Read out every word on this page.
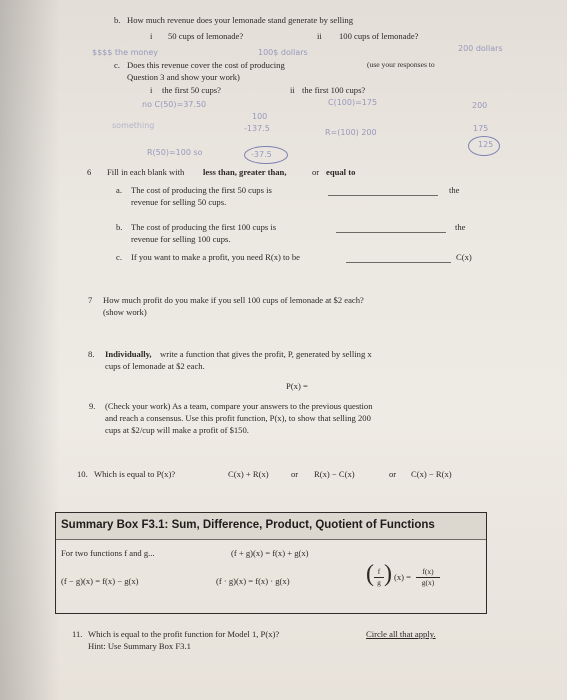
b. How much revenue does your lemonade stand generate by selling
i 50 cups of lemonade?	ii 100 cups of lemonade?
$$$$ the money	100$ dollars	200 dollars
c. Does this revenue cover the cost of producing	(use your responses to
Question 3 and show your work)
i the first 50 cups?	ii the first 100 cups?
no C(50)=37.50	C(100)=175	200
100
something	-137.5	R=(100) 200	175
R(50)=100 so	-37.5
125
6 Fill in each blank with less than, greater than,	or equal to
a. The cost of producing the first 50 cups is	the
revenue for selling 50 cups.
b. The cost of producing the first 100 cups is	the
revenue for selling 100 cups.
c. If you want to make a profit, you need R(x) to be	C(x)
7 How much profit do you make if you sell 100 cups of lemonade at $2 each?
(show work)
8. Individually, write a function that gives the profit, P, generated by selling x
cups of lemonade at $2 each.
P(x) =
9. (Check your work) As a team, compare your answers to the previous question
and reach a consensus. Use this profit function, P(x), to show that selling 200
cups at $2/cup will make a profit of $150.
10. Which is equal to P(x)?	C(x) + R(x)	or R(x) − C(x)	or C(x) − R(x)
Summary Box F3.1: Sum, Difference, Product, Quotient of Functions
For two functions f and g...	(f + g)(x) = f(x) + g(x)
(f − g)(x) = f(x) − g(x)	(f · g)(x) = f(x) · g(x)	( f
g ) (x) =
f(x)
g(x)
11. Which is equal to the profit function for Model 1, P(x)?	Circle all that apply.
Hint: Use Summary Box F3.1
